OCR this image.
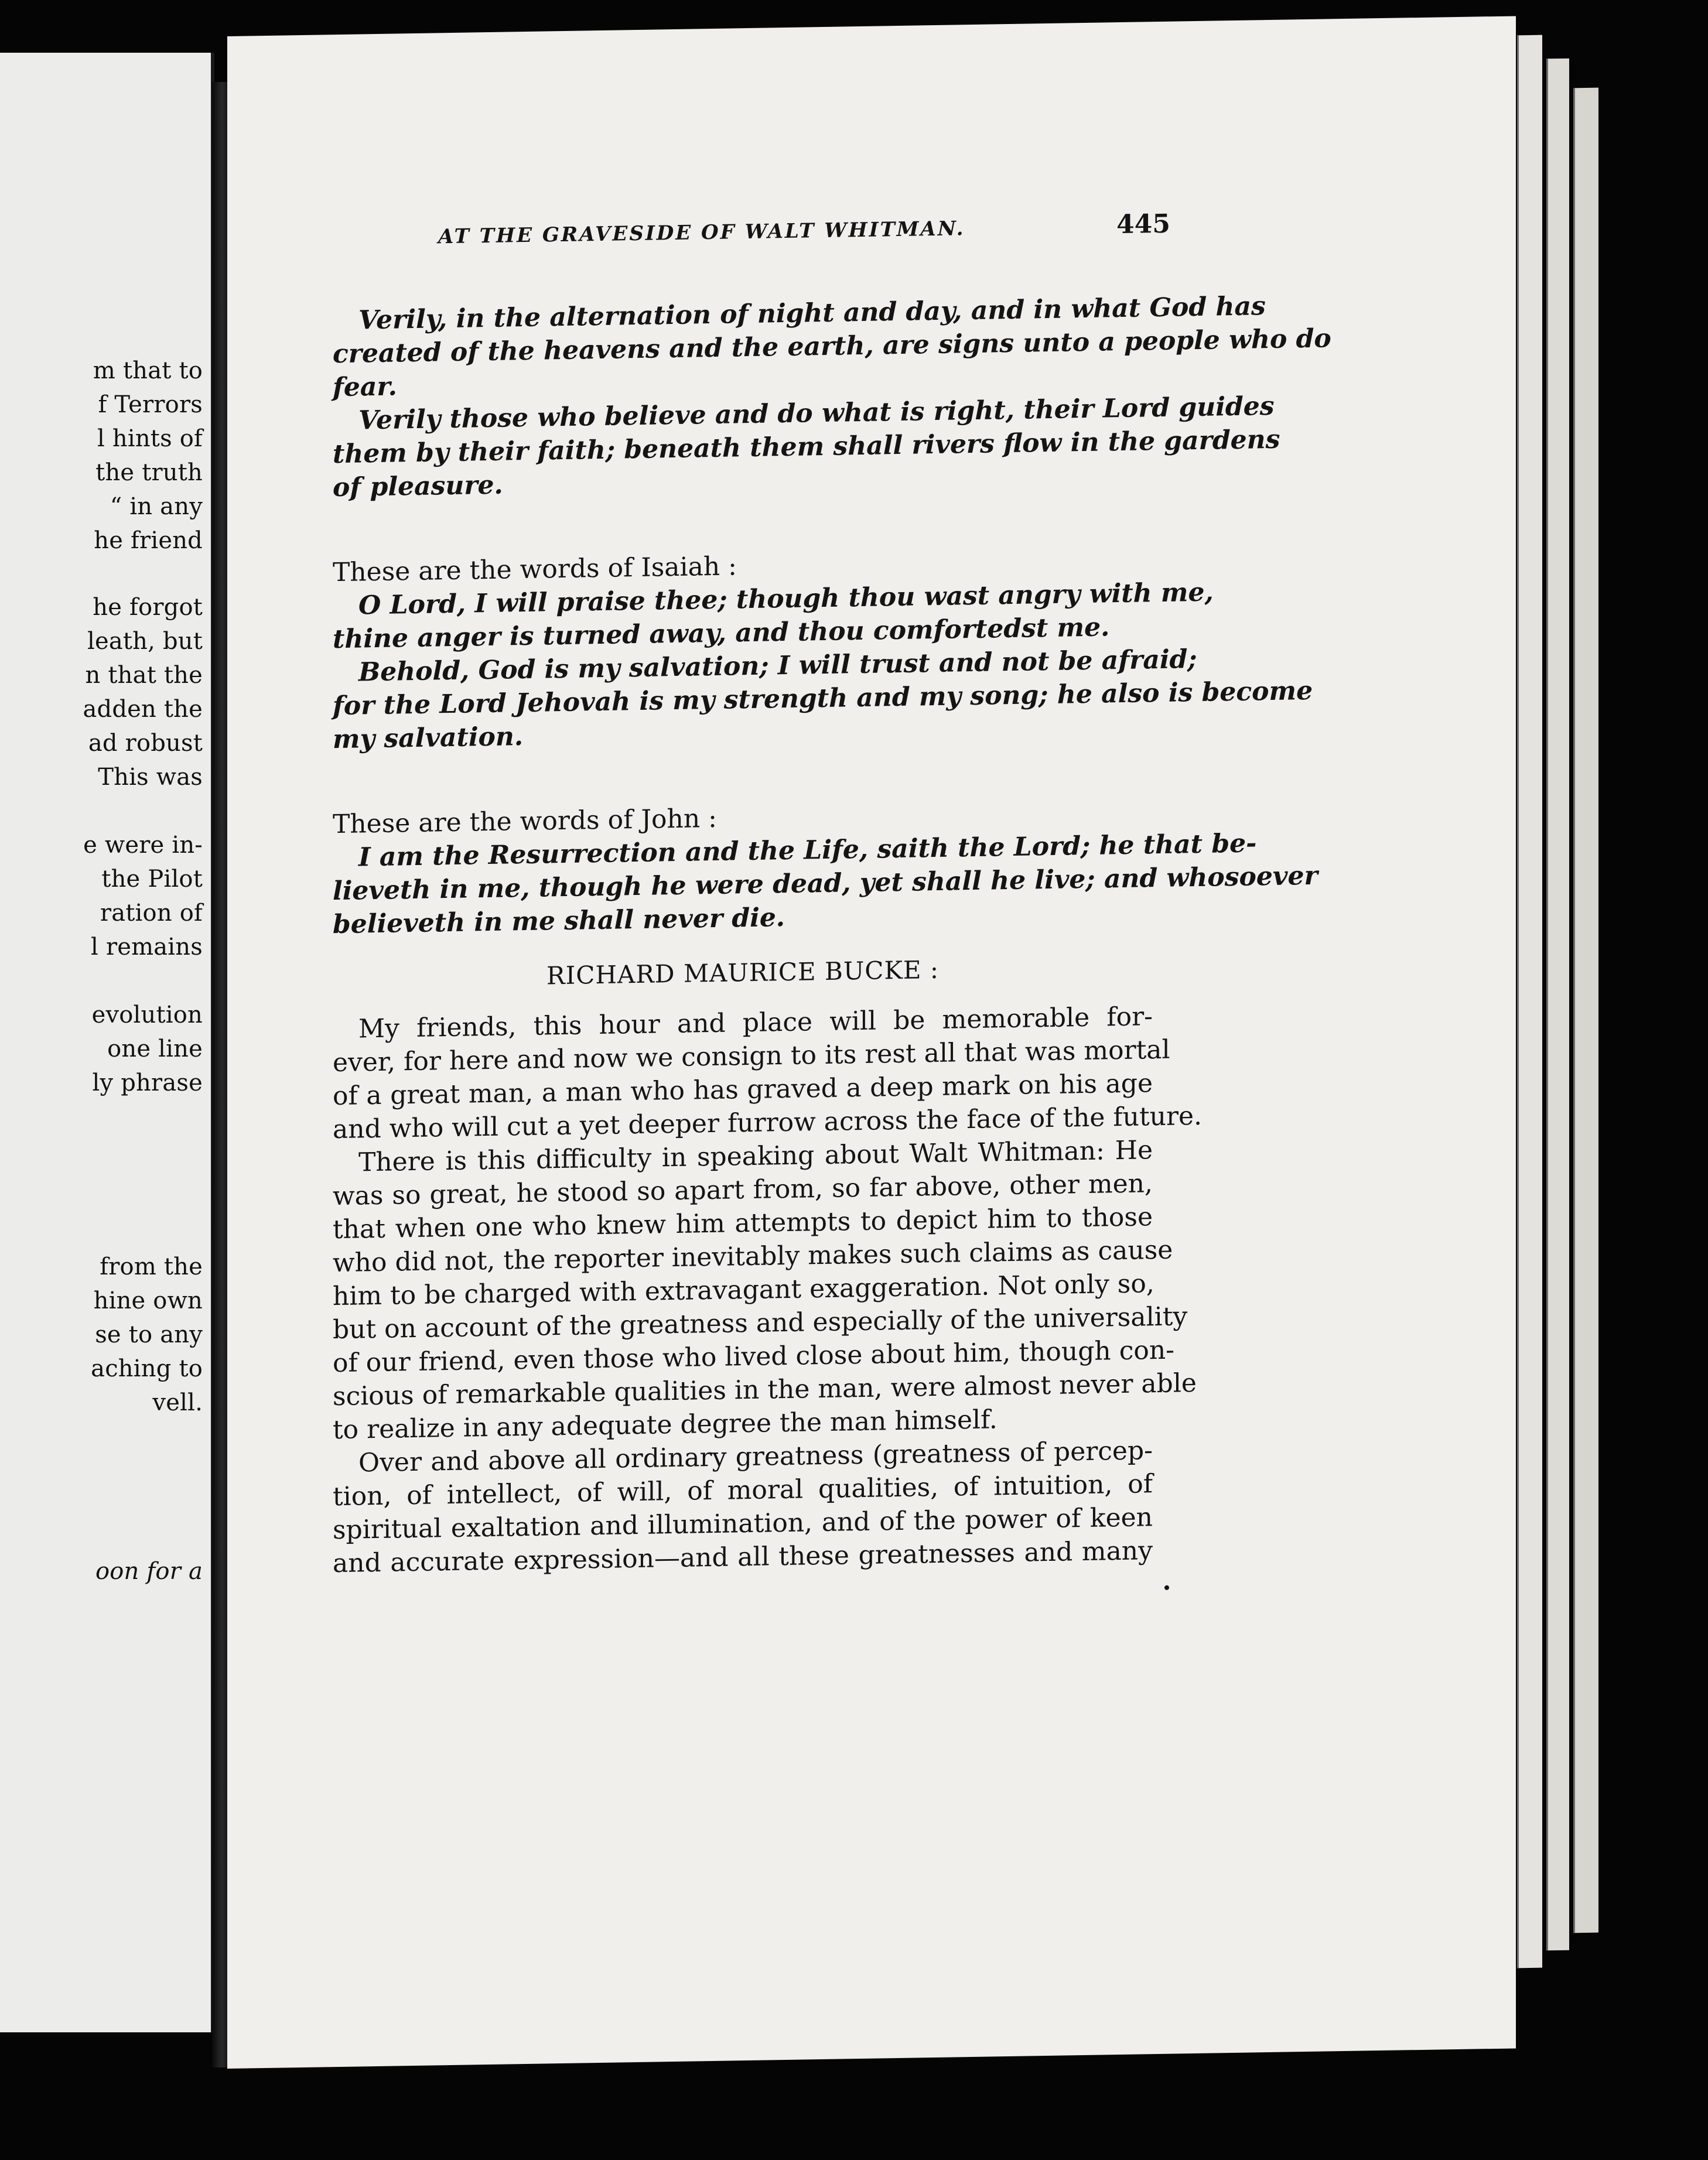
m that to
f Terrors
l hints of
the truth
“ in any
he friend
he forgot
leath, but
n that the
adden the
ad robust
This was
e were in-
the Pilot
ration of
l remains
evolution
one line
ly phrase
from the
hine own
se to any
aching to
vell.
oon for a
AT THE GRAVESIDE OF WALT WHITMAN.	445
Verily, in the alternation of night and day, and in what God has
created of the heavens and the earth, are signs unto a people who do
fear.
Verily those who believe and do what is right, their Lord guides
them by their faith; beneath them shall rivers flow in the gardens
of pleasure.
These are the words of Isaiah :
O Lord, I will praise thee; though thou wast angry with me,
thine anger is turned away, and thou comfortedst me.
Behold, God is my salvation; I will trust and not be afraid;
for the Lord Jehovah is my strength and my song; he also is become
my salvation.
These are the words of John :
I am the Resurrection and the Life, saith the Lord; he that be-
lieveth in me, though he were dead, yet shall he live; and whosoever
believeth in me shall never die.
RICHARD MAURICE BUCKE :
My friends, this hour and place will be memorable for-
ever, for here and now we consign to its rest all that was mortal
of a great man, a man who has graved a deep mark on his age
and who will cut a yet deeper furrow across the face of the future.
There is this difficulty in speaking about Walt Whitman: He
was so great, he stood so apart from, so far above, other men,
that when one who knew him attempts to depict him to those
who did not, the reporter inevitably makes such claims as cause
him to be charged with extravagant exaggeration. Not only so,
but on account of the greatness and especially of the universality
of our friend, even those who lived close about him, though con-
scious of remarkable qualities in the man, were almost never able
to realize in any adequate degree the man himself.
Over and above all ordinary greatness (greatness of percep-
tion, of intellect, of will, of moral qualities, of intuition, of
spiritual exaltation and illumination, and of the power of keen
and accurate expression—and all these greatnesses and many
